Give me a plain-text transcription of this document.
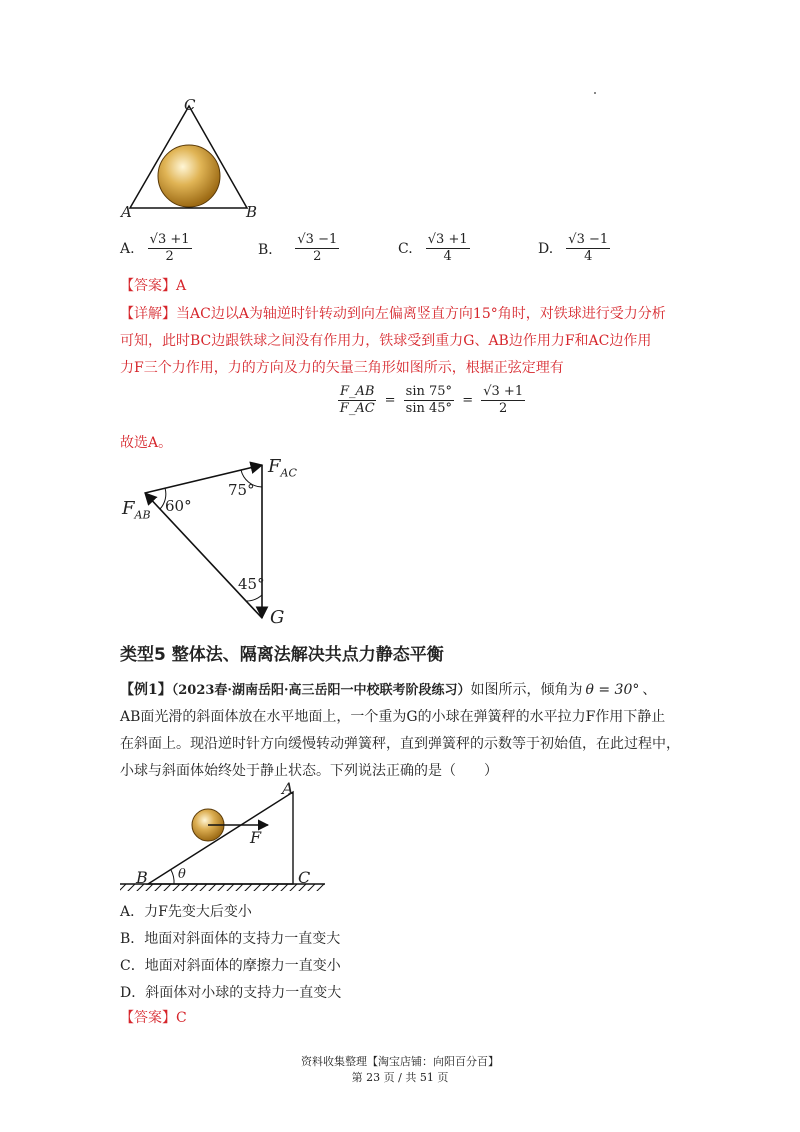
C
A	B
A. $\frac{√3 +1}{2}$	B． $\frac{√3 -1}{2}$	C. $\frac{√3 +1}{4}$	D. $\frac{√3 -1}{4}$
【答案】A
【详解】当AC边以A为轴逆时针转动到向左偏离竖直方向15°角时，对铁球进行受力分析
可知，此时BC边跟铁球之间没有作用力，铁球受到重力G、AB边作用力F和AC边作用
力F三个力作用，力的方向及力的矢量三角形如图所示，根据正弦定理有
$\frac{F\_AB}{F\_AC} = \frac{\sin 75^\circ}{\sin 45^\circ} = \frac{√3 +1}{2}$
故选A。
$F_{AC}$
$F_{AB}$
G
75°
60°
45°
类型5 整体法、隔离法解决共点力静态平衡
【例1】（2023春·湖南岳阳·高三岳阳一中校联考阶段练习）如图所示，倾角为 θ = 30° 、
AB面光滑的斜面体放在水平地面上，一个重为G的小球在弹簧秤的水平拉力F作用下静止
在斜面上。现沿逆时针方向缓慢转动弹簧秤，直到弹簧秤的示数等于初始值，在此过程中，
小球与斜面体始终处于静止状态。下列说法正确的是（　　）
A
B	C
F
θ
A．力F先变大后变小
B．地面对斜面体的支持力一直变大
C．地面对斜面体的摩擦力一直变小
D．斜面体对小球的支持力一直变大
【答案】C
资料收集整理【淘宝店铺：向阳百分百】
第 23 页 / 共 51 页
